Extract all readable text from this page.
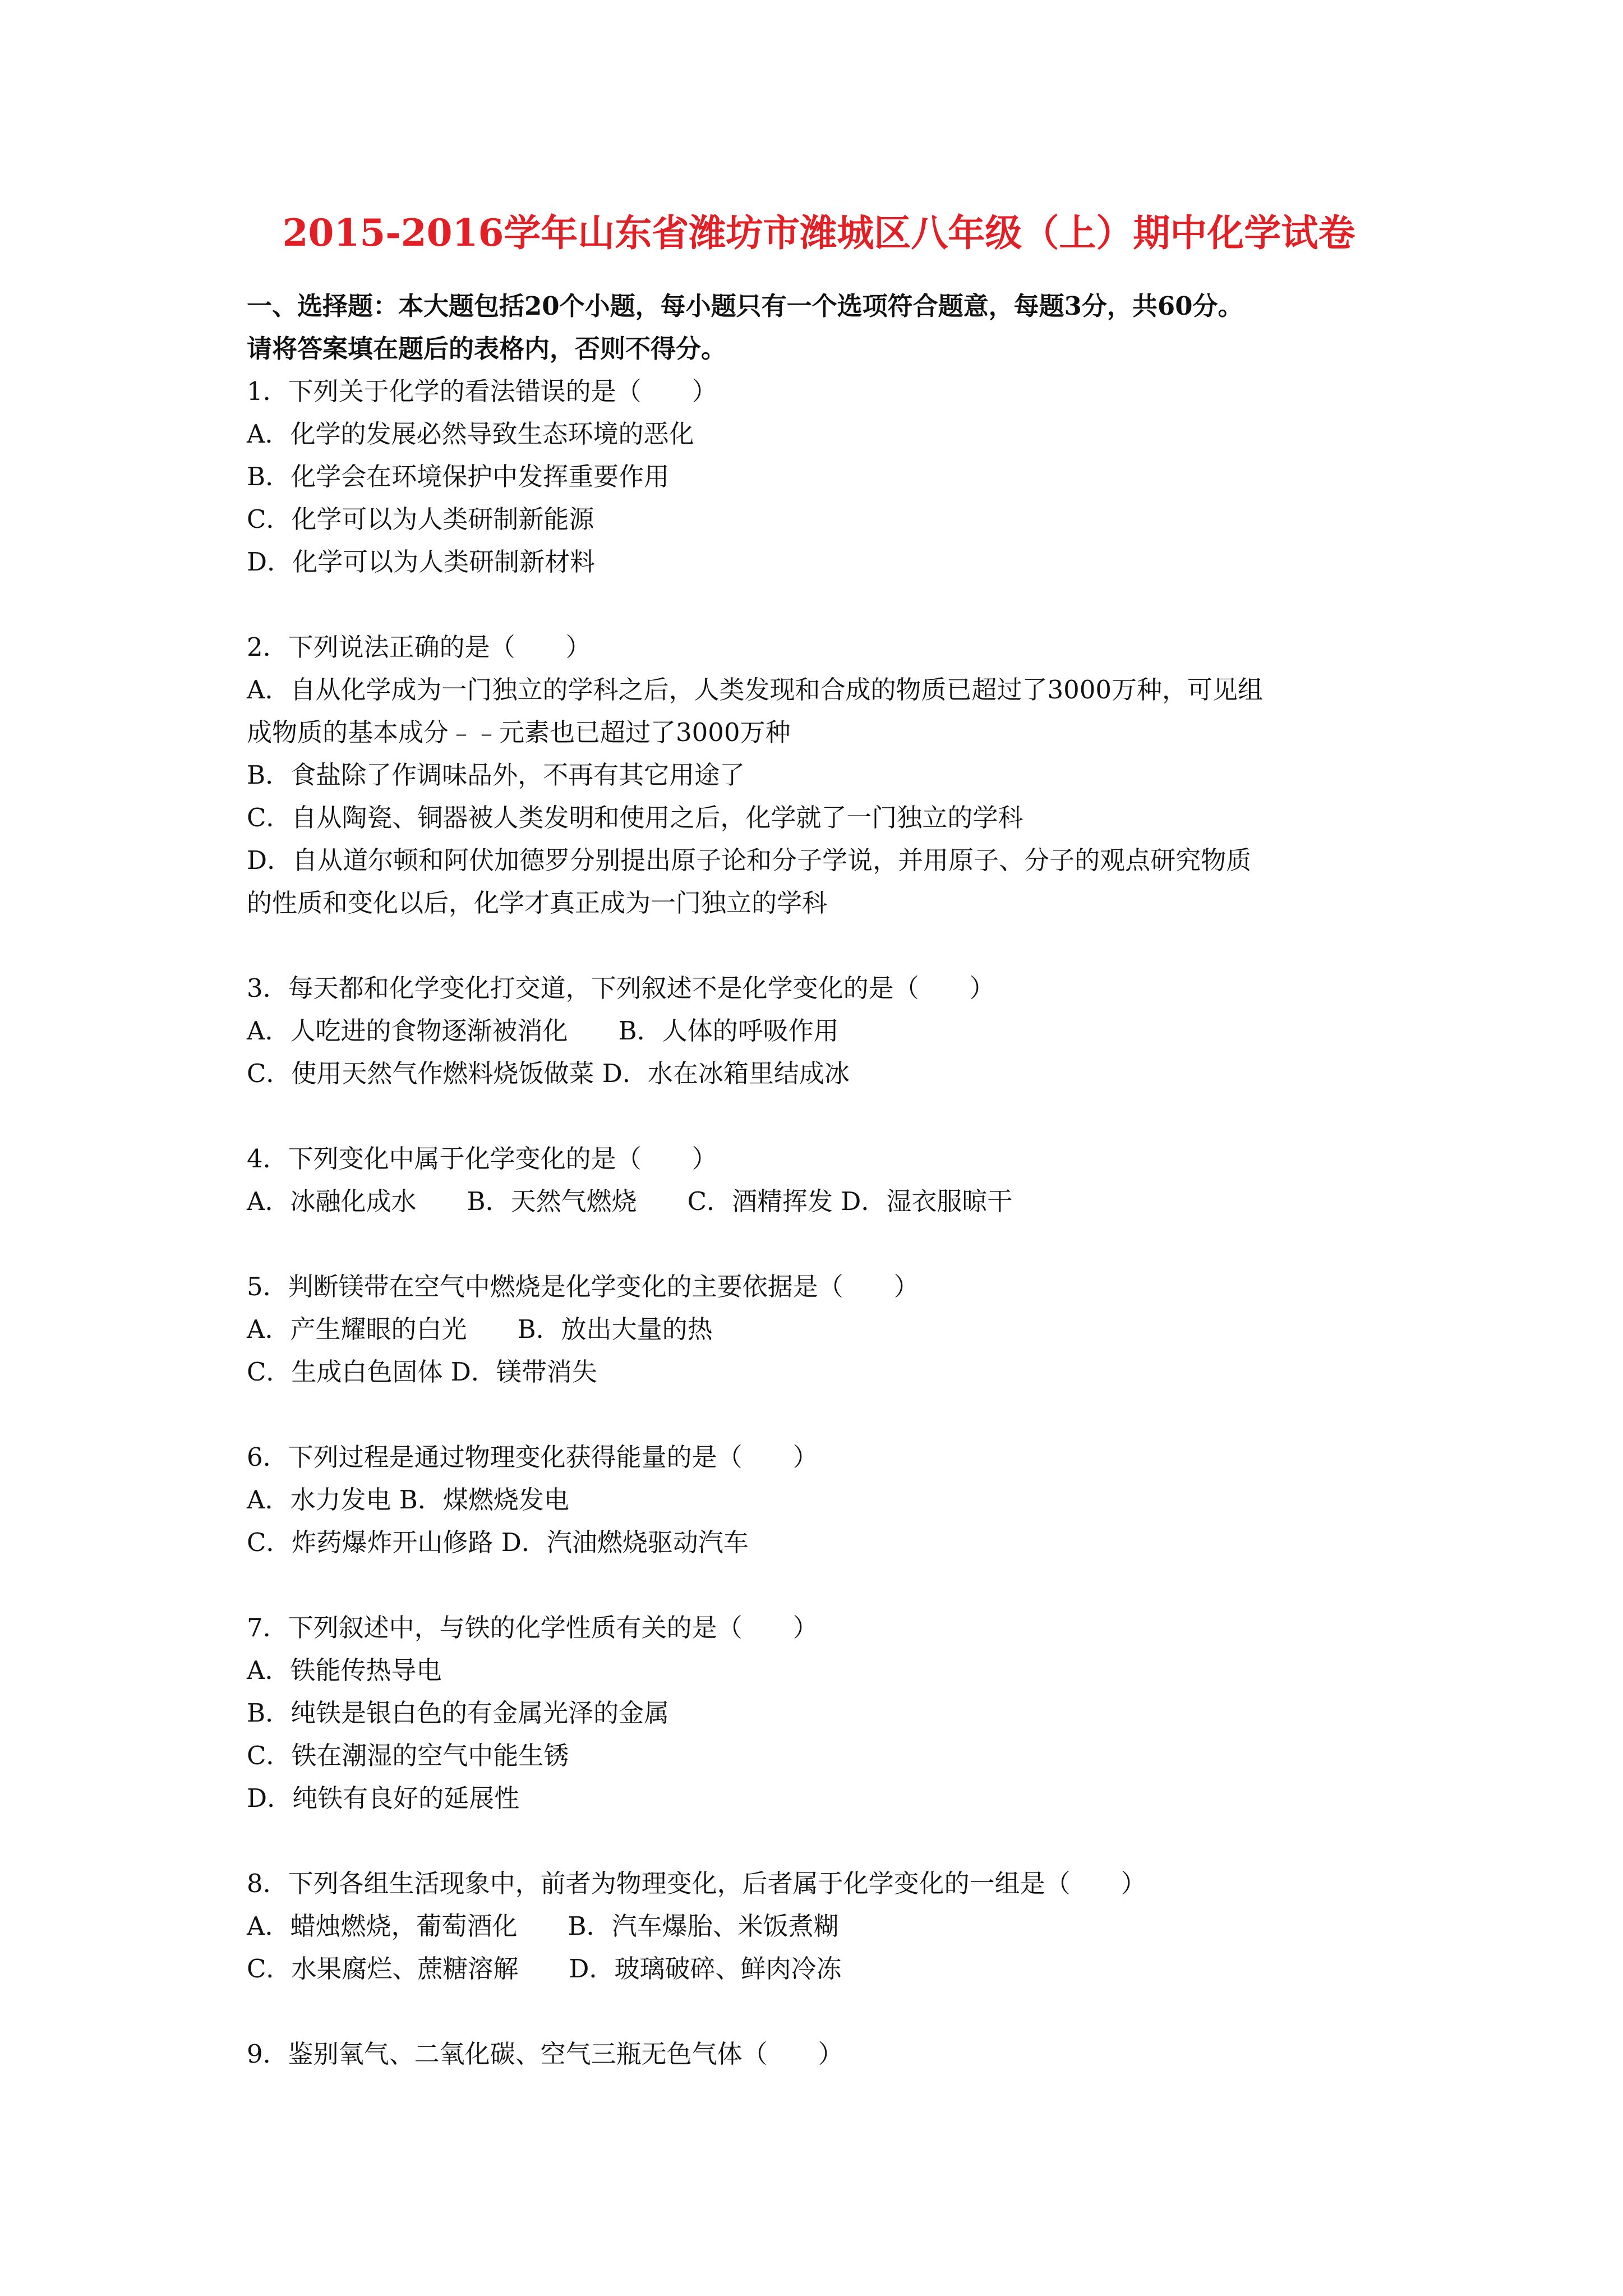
2015-2016学年山东省潍坊市潍城区八年级（上）期中化学试卷
一、选择题：本大题包括20个小题，每小题只有一个选项符合题意，每题3分，共60分。
请将答案填在题后的表格内，否则不得分。
1．下列关于化学的看法错误的是（　　）
A．化学的发展必然导致生态环境的恶化
B．化学会在环境保护中发挥重要作用
C．化学可以为人类研制新能源
D．化学可以为人类研制新材料
2．下列说法正确的是（　　）
A．自从化学成为一门独立的学科之后，人类发现和合成的物质已超过了3000万种，可见组
成物质的基本成分﹣﹣元素也已超过了3000万种
B．食盐除了作调味品外，不再有其它用途了
C．自从陶瓷、铜器被人类发明和使用之后，化学就了一门独立的学科
D．自从道尔顿和阿伏加德罗分别提出原子论和分子学说，并用原子、分子的观点研究物质
的性质和变化以后，化学才真正成为一门独立的学科
3．每天都和化学变化打交道，下列叙述不是化学变化的是（　　）
A．人吃进的食物逐渐被消化　　B．人体的呼吸作用
C．使用天然气作燃料烧饭做菜 D．水在冰箱里结成冰
4．下列变化中属于化学变化的是（　　）
A．冰融化成水　　B．天然气燃烧　　C．酒精挥发 D．湿衣服晾干
5．判断镁带在空气中燃烧是化学变化的主要依据是（　　）
A．产生耀眼的白光　　B．放出大量的热
C．生成白色固体 D．镁带消失
6．下列过程是通过物理变化获得能量的是（　　）
A．水力发电 B．煤燃烧发电
C．炸药爆炸开山修路 D．汽油燃烧驱动汽车
7．下列叙述中，与铁的化学性质有关的是（　　）
A．铁能传热导电
B．纯铁是银白色的有金属光泽的金属
C．铁在潮湿的空气中能生锈
D．纯铁有良好的延展性
8．下列各组生活现象中，前者为物理变化，后者属于化学变化的一组是（　　）
A．蜡烛燃烧，葡萄酒化　　B．汽车爆胎、米饭煮糊
C．水果腐烂、蔗糖溶解　　D．玻璃破碎、鲜肉冷冻
9．鉴别氧气、二氧化碳、空气三瓶无色气体（　　）
